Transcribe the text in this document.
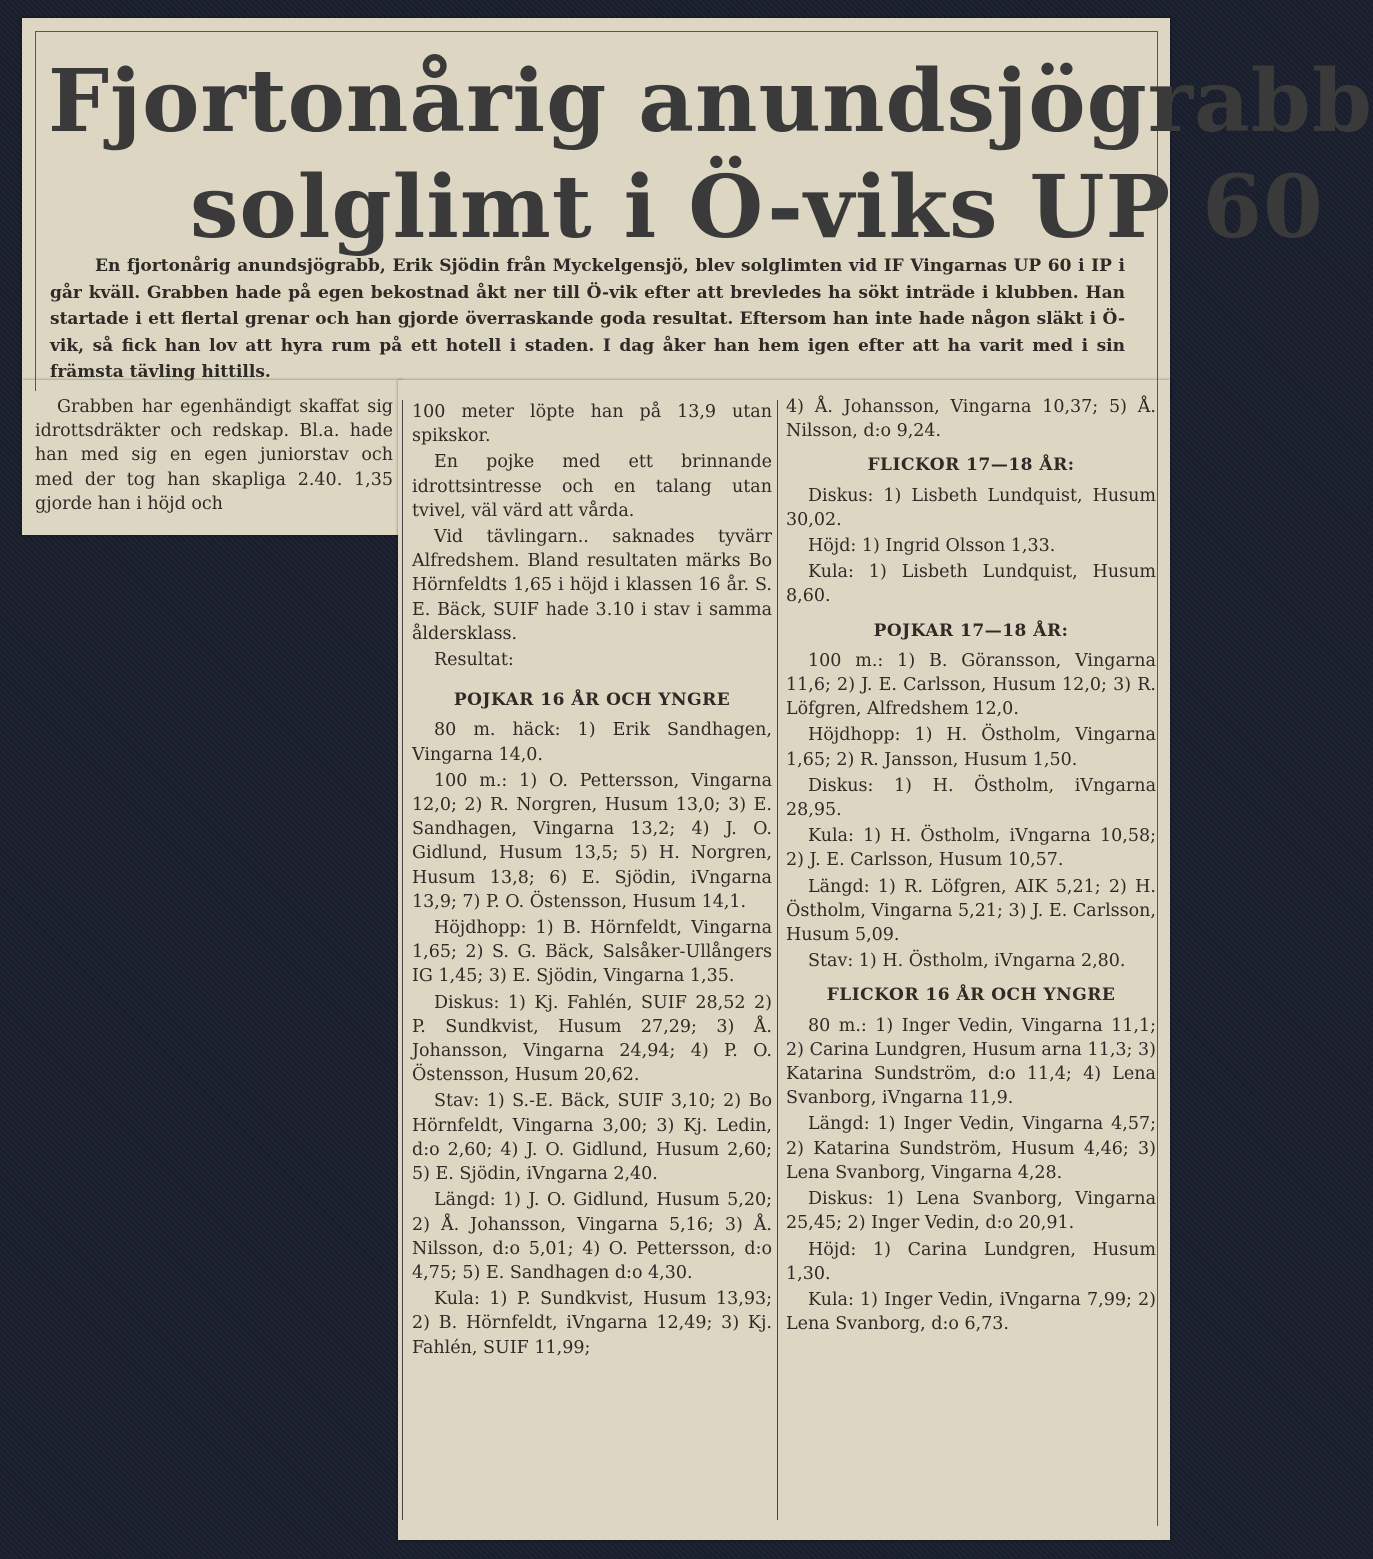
Fjortonårig anundsjögrabb
solglimt i Ö-viks UP 60

En fjortonårig anundsjögrabb, Erik Sjödin från Myckelgensjö, blev solglimten vid IF Vingarnas UP 60 i IP i går kväll. Grabben hade på egen bekostnad åkt ner till Ö-vik efter att brevledes ha sökt inträde i klubben. Han startade i ett flertal grenar och han gjorde överraskande goda resultat. Eftersom han inte hade någon släkt i Ö-vik, så fick han lov att hyra rum på ett hotell i staden. I dag åker han hem igen efter att ha varit med i sin främsta tävling hittills.

Grabben har egenhändigt skaffat sig idrottsdräkter och redskap. Bl.a. hade han med sig en egen juniorstav och med der tog han skapliga 2.40. 1,35 gjorde han i höjd och

100 meter löpte han på 13,9 utan spikskor.

En pojke med ett brinnande idrottsintresse och en talang utan tvivel, väl värd att vårda.

Vid tävlingarn.. saknades tyvärr Alfredshem. Bland resultaten märks Bo Hörnfeldts 1,65 i höjd i klassen 16 år. S. E. Bäck, SUIF hade 3.10 i stav i samma åldersklass.

Resultat:

POJKAR 16 ÅR OCH YNGRE

80 m. häck: 1) Erik Sandhagen, Vingarna 14,0.

100 m.: 1) O. Pettersson, Vingarna 12,0; 2) R. Norgren, Husum 13,0; 3) E. Sandhagen, Vingarna 13,2; 4) J. O. Gidlund, Husum 13,5; 5) H. Norgren, Husum 13,8; 6) E. Sjödin, iVngarna 13,9; 7) P. O. Östensson, Husum 14,1.

Höjdhopp: 1) B. Hörnfeldt, Vingarna 1,65; 2) S. G. Bäck, Salsåker-Ullångers IG 1,45; 3) E. Sjödin, Vingarna 1,35.

Diskus: 1) Kj. Fahlén, SUIF 28,52 2) P. Sundkvist, Husum 27,29; 3) Å. Johansson, Vingarna 24,94; 4) P. O. Östensson, Husum 20,62.

Stav: 1) S.-E. Bäck, SUIF 3,10; 2) Bo Hörnfeldt, Vingarna 3,00; 3) Kj. Ledin, d:o 2,60; 4) J. O. Gidlund, Husum 2,60; 5) E. Sjödin, iVngarna 2,40.

Längd: 1) J. O. Gidlund, Husum 5,20; 2) Å. Johansson, Vingarna 5,16; 3) Å. Nilsson, d:o 5,01; 4) O. Pettersson, d:o 4,75; 5) E. Sandhagen d:o 4,30.

Kula: 1) P. Sundkvist, Husum 13,93; 2) B. Hörnfeldt, iVngarna 12,49; 3) Kj. Fahlén, SUIF 11,99;

4) Å. Johansson, Vingarna 10,37; 5) Å. Nilsson, d:o 9,24.

FLICKOR 17—18 ÅR:

Diskus: 1) Lisbeth Lundquist, Husum 30,02.

Höjd: 1) Ingrid Olsson 1,33.

Kula: 1) Lisbeth Lundquist, Husum 8,60.

POJKAR 17—18 ÅR:

100 m.: 1) B. Göransson, Vingarna 11,6; 2) J. E. Carlsson, Husum 12,0; 3) R. Löfgren, Alfredshem 12,0.

Höjdhopp: 1) H. Östholm, Vingarna 1,65; 2) R. Jansson, Husum 1,50.

Diskus: 1) H. Östholm, iVngarna 28,95.

Kula: 1) H. Östholm, iVngarna 10,58; 2) J. E. Carlsson, Husum 10,57.

Längd: 1) R. Löfgren, AIK 5,21; 2) H. Östholm, Vingarna 5,21; 3) J. E. Carlsson, Husum 5,09.

Stav: 1) H. Östholm, iVngarna 2,80.

FLICKOR 16 ÅR OCH YNGRE

80 m.: 1) Inger Vedin, Vingarna 11,1; 2) Carina Lundgren, Husum arna 11,3; 3) Katarina Sundström, d:o 11,4; 4) Lena Svanborg, iVngarna 11,9.

Längd: 1) Inger Vedin, Vingarna 4,57; 2) Katarina Sundström, Husum 4,46; 3) Lena Svanborg, Vingarna 4,28.

Diskus: 1) Lena Svanborg, Vingarna 25,45; 2) Inger Vedin, d:o 20,91.

Höjd: 1) Carina Lundgren, Husum 1,30.

Kula: 1) Inger Vedin, iVngarna 7,99; 2) Lena Svanborg, d:o 6,73.
